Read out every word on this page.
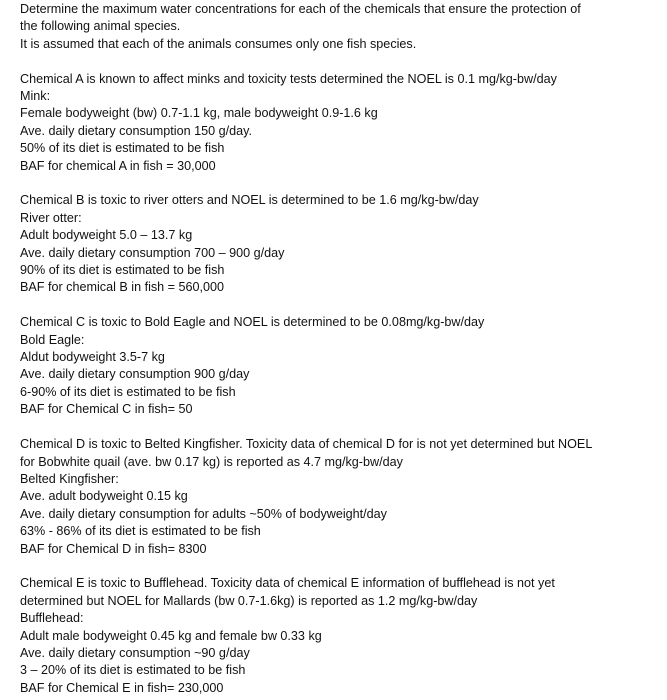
Determine the maximum water concentrations for each of the chemicals that ensure the protection of
the following animal species.
It is assumed that each of the animals consumes only one fish species.
Chemical A is known to affect minks and toxicity tests determined the NOEL is 0.1 mg/kg-bw/day
Mink:
Female bodyweight (bw) 0.7-1.1 kg, male bodyweight 0.9-1.6 kg
Ave. daily dietary consumption 150 g/day.
50% of its diet is estimated to be fish
BAF for chemical A in fish = 30,000
Chemical B is toxic to river otters and NOEL is determined to be 1.6 mg/kg-bw/day
River otter:
Adult bodyweight 5.0 – 13.7 kg
Ave. daily dietary consumption 700 – 900 g/day
90% of its diet is estimated to be fish
BAF for chemical B in fish = 560,000
Chemical C is toxic to Bold Eagle and NOEL is determined to be 0.08mg/kg-bw/day
Bold Eagle:
Aldut bodyweight 3.5-7 kg
Ave. daily dietary consumption 900 g/day
6-90% of its diet is estimated to be fish
BAF for Chemical C in fish= 50
Chemical D is toxic to Belted Kingfisher. Toxicity data of chemical D for is not yet determined but NOEL
for Bobwhite quail (ave. bw 0.17 kg) is reported as 4.7 mg/kg-bw/day
Belted Kingfisher:
Ave. adult bodyweight 0.15 kg
Ave. daily dietary consumption for adults ~50% of bodyweight/day
63% - 86% of its diet is estimated to be fish
BAF for Chemical D in fish= 8300
Chemical E is toxic to Bufflehead. Toxicity data of chemical E information of bufflehead is not yet
determined but NOEL for Mallards (bw 0.7-1.6kg) is reported as 1.2 mg/kg-bw/day
Bufflehead:
Adult male bodyweight 0.45 kg and female bw 0.33 kg
Ave. daily dietary consumption ~90 g/day
3 – 20% of its diet is estimated to be fish
BAF for Chemical E in fish= 230,000
